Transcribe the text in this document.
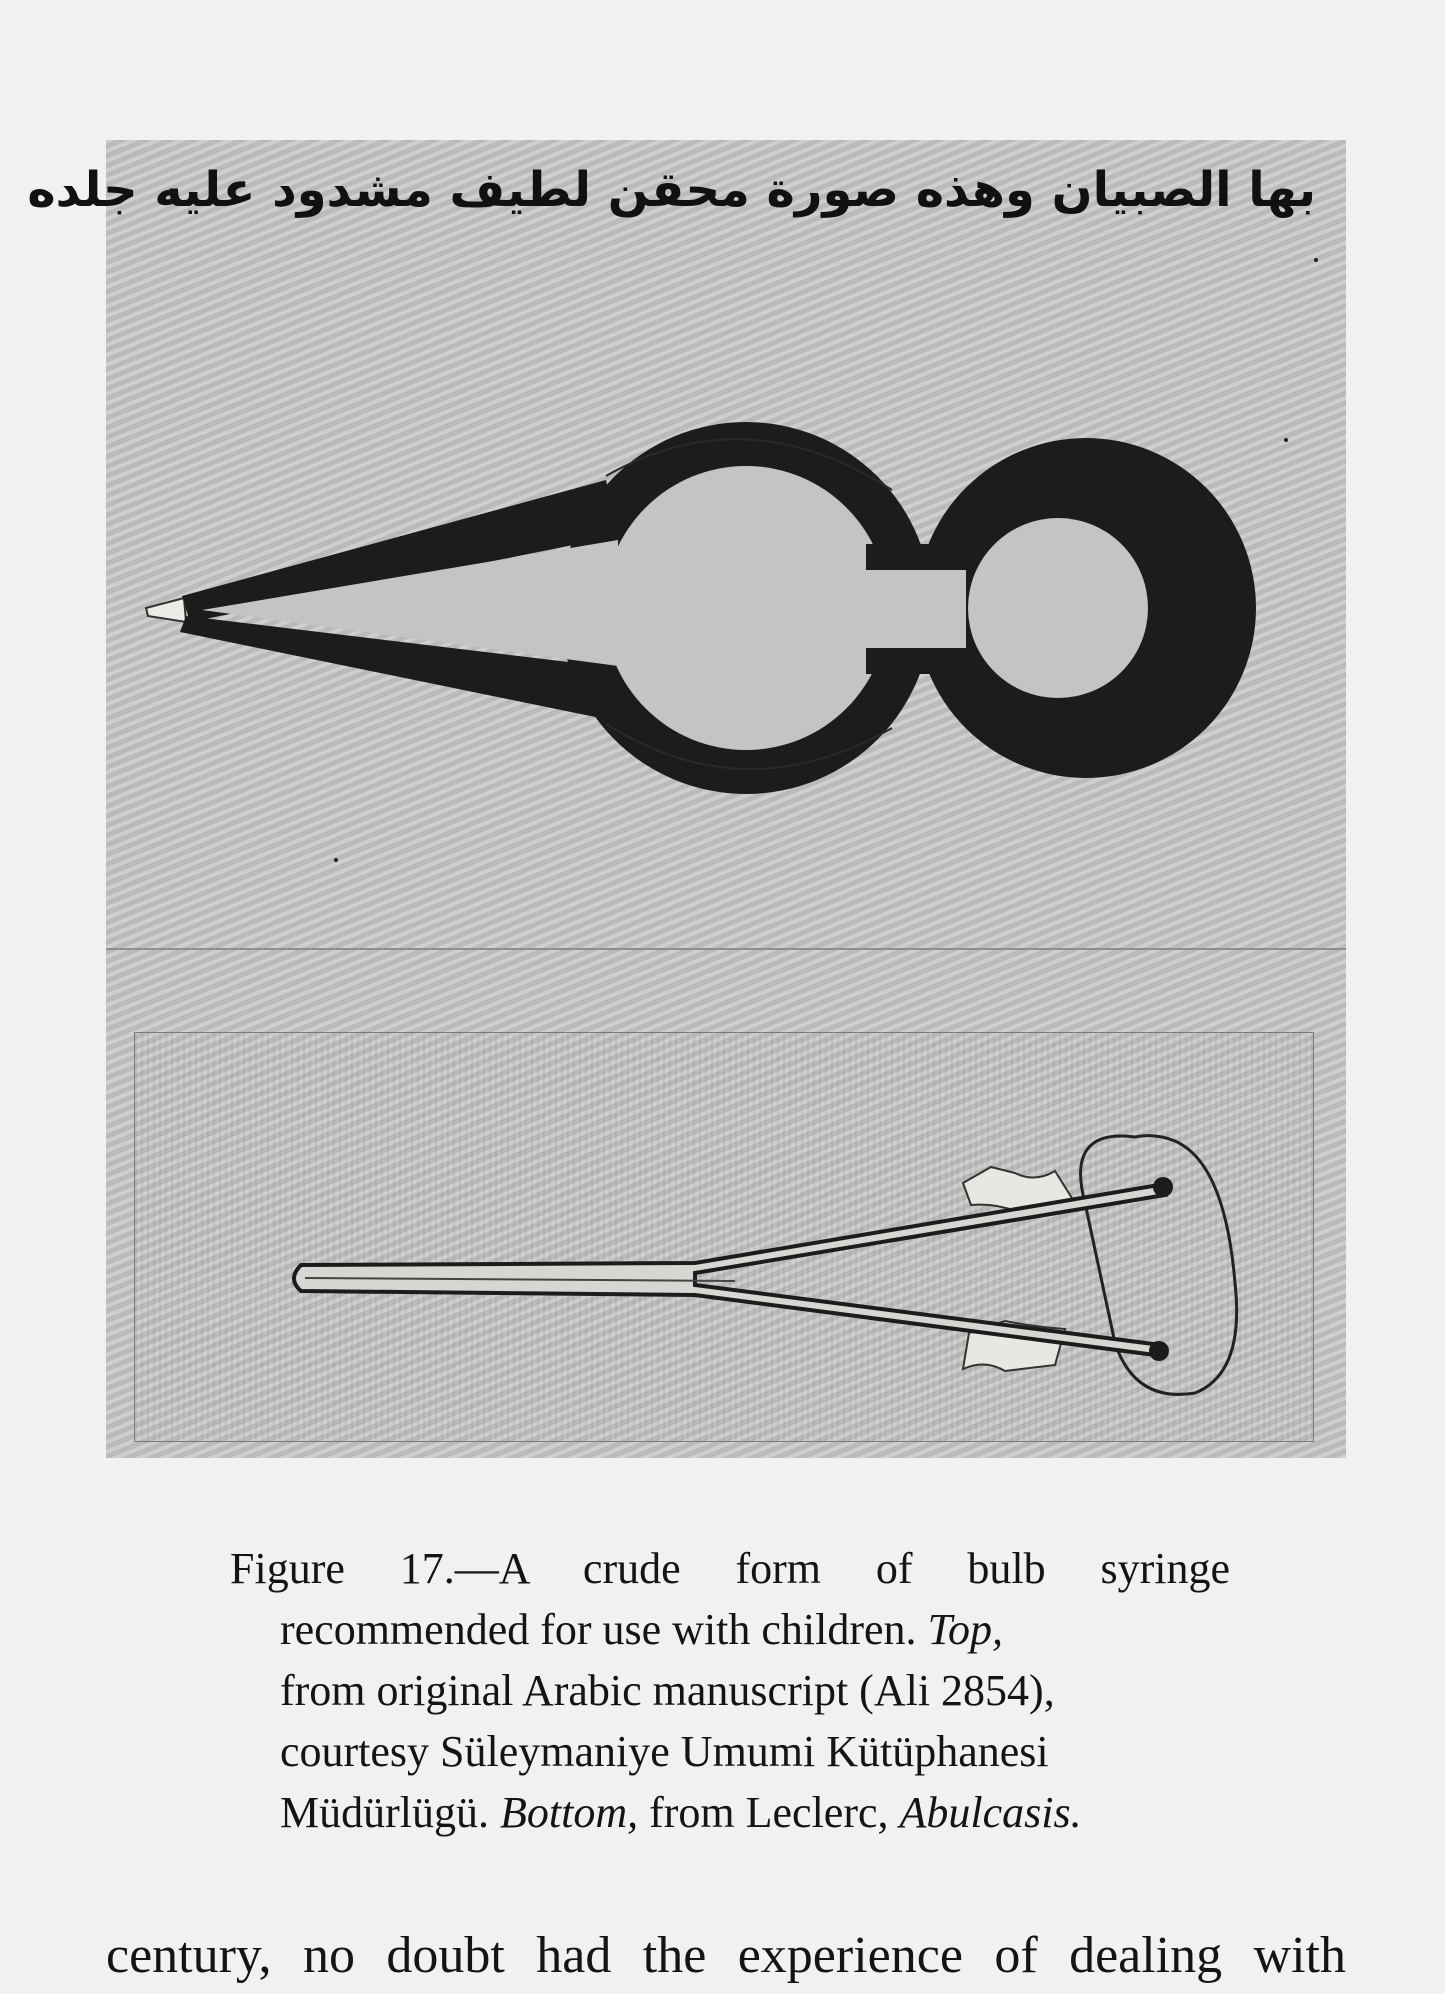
بها الصبيان وهذه صورة محقن لطيف مشدود عليه جلده
Figure 17.—A crude form of bulb syringe
recommended for use with children. Top,
from original Arabic manuscript (Ali 2854),
courtesy Süleymaniye Umumi Kütüphanesi
Müdürlügü. Bottom, from Leclerc, Abulcasis.
century, no doubt had the experience of dealing with
